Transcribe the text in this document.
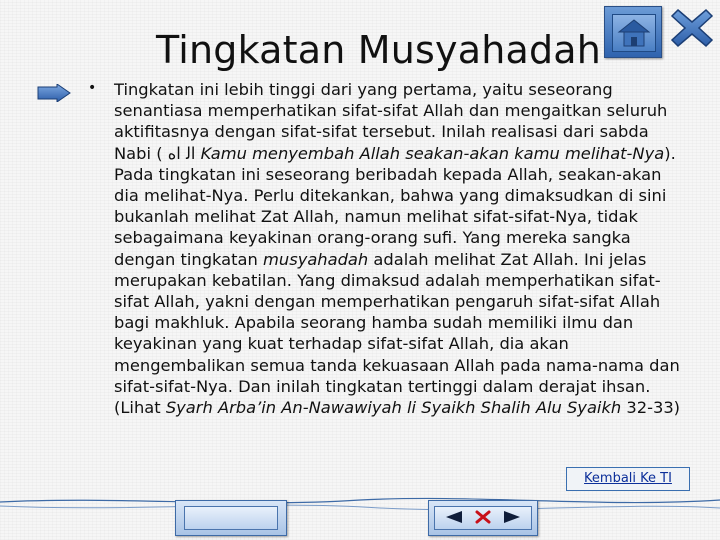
Tingkatan Musyahadah
• Tingkatan ini lebih tinggi dari yang pertama, yaitu seseorang senantiasa memperhatikan sifat-sifat Allah dan mengaitkan seluruh aktifitasnya dengan sifat-sifat tersebut. Inilah realisasi dari sabda Nabi ( ﺍﻟ ﺍﻩ Kamu menyembah Allah seakan-akan kamu melihat-Nya). Pada tingkatan ini seseorang beribadah kepada Allah, seakan-akan dia melihat-Nya. Perlu ditekankan, bahwa yang dimaksudkan di sini bukanlah melihat Zat Allah, namun melihat sifat-sifat-Nya, tidak sebagaimana keyakinan orang-orang sufi. Yang mereka sangka dengan tingkatan musyahadah adalah melihat Zat Allah. Ini jelas merupakan kebatilan. Yang dimaksud adalah memperhatikan sifat-sifat Allah, yakni dengan memperhatikan pengaruh sifat-sifat Allah bagi makhluk. Apabila seorang hamba sudah memiliki ilmu dan keyakinan yang kuat terhadap sifat-sifat Allah, dia akan mengembalikan semua tanda kekuasaan Allah pada nama-nama dan sifat-sifat-Nya. Dan inilah tingkatan tertinggi dalam derajat ihsan. (Lihat Syarh Arba’in An-Nawawiyah li Syaikh Shalih Alu Syaikh 32-33)
Kembali Ke TI
